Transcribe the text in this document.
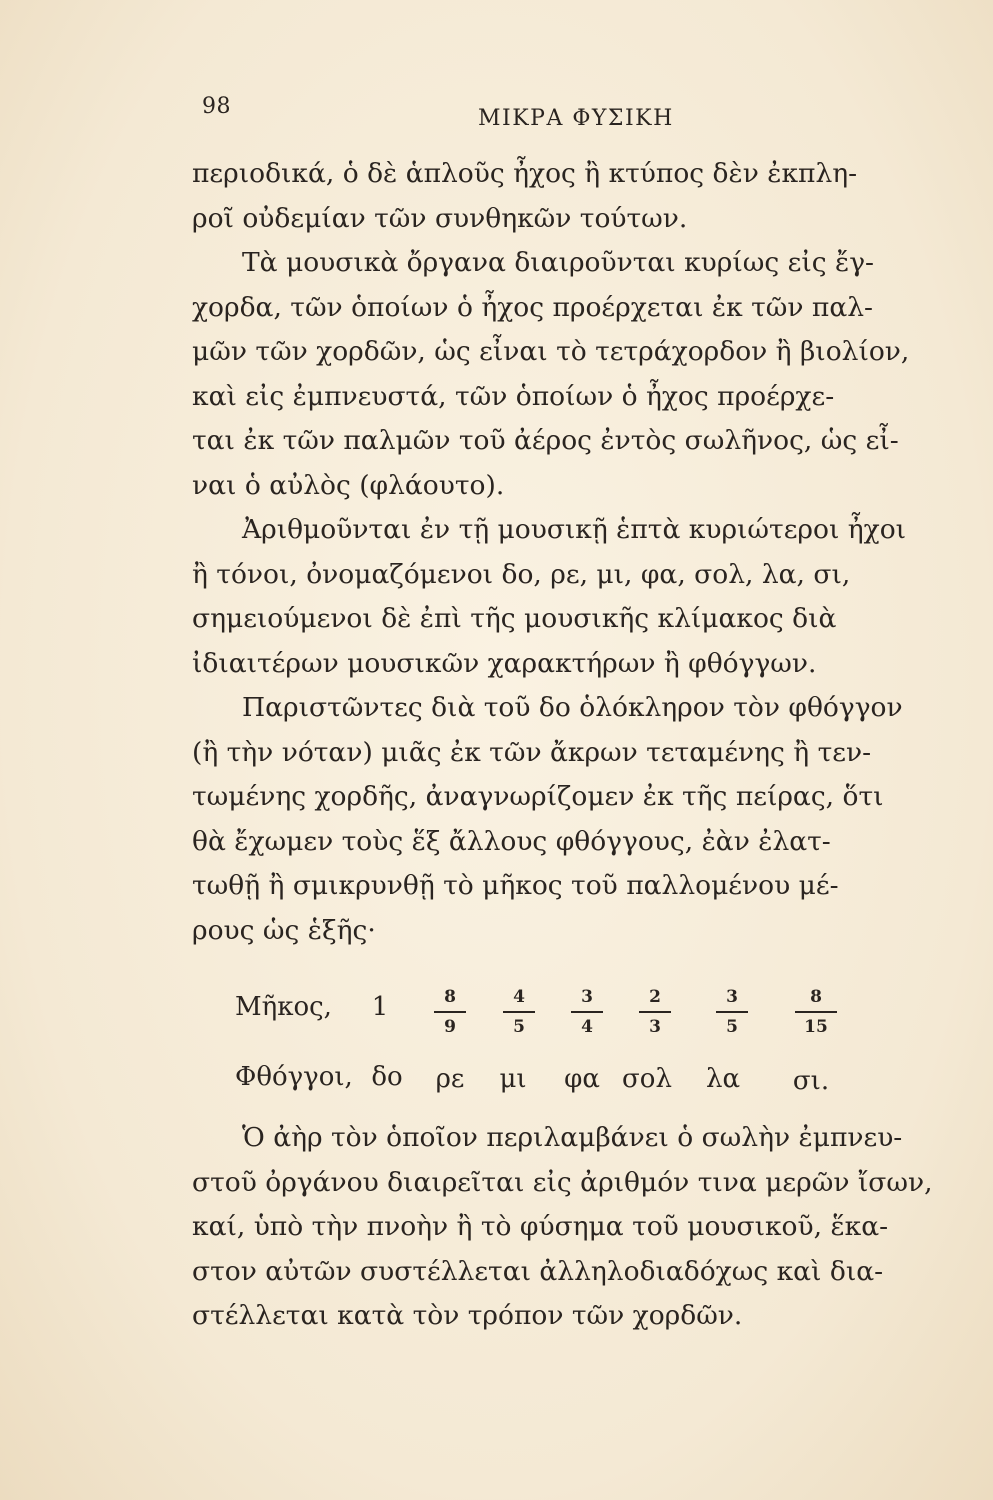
98	ΜΙΚΡΑ ΦΥΣΙΚΗ
περιοδικά, ὁ δὲ ἁπλοῦς ἦχος ἢ κτύπος δὲν ἐκπλη-
ροῖ οὐδεμίαν τῶν συνθηκῶν τούτων.
Τὰ μουσικὰ ὄργανα διαιροῦνται κυρίως εἰς ἔγ-
χορδα, τῶν ὁποίων ὁ ἦχος προέρχεται ἐκ τῶν παλ-
μῶν τῶν χορδῶν, ὡς εἶναι τὸ τετράχορδον ἢ βιολίον,
καὶ εἰς ἐμπνευστά, τῶν ὁποίων ὁ ἦχος προέρχε-
ται ἐκ τῶν παλμῶν τοῦ ἀέρος ἐντὸς σωλῆνος, ὡς εἶ-
ναι ὁ αὐλὸς (φλάουτο).
Ἀριθμοῦνται ἐν τῇ μουσικῇ ἑπτὰ κυριώτεροι ἦχοι
ἢ τόνοι, ὀνομαζόμενοι δο, ρε, μι, φα, σολ, λα, σι,
σημειούμενοι δὲ ἐπὶ τῆς μουσικῆς κλίμακος διὰ
ἰδιαιτέρων μουσικῶν χαρακτήρων ἢ φθόγγων.
Παριστῶντες διὰ τοῦ δο ὁλόκληρον τὸν φθόγγον
(ἢ τὴν νόταν) μιᾶς ἐκ τῶν ἄκρων τεταμένης ἢ τεν-
τωμένης χορδῆς, ἀναγνωρίζομεν ἐκ τῆς πείρας, ὅτι
θὰ ἔχωμεν τοὺς ἕξ ἄλλους φθόγγους, ἐὰν ἐλατ-
τωθῇ ἢ σμικρυνθῇ τὸ μῆκος τοῦ παλλομένου μέ-
ρους ὡς ἑξῆς·
Μῆκος, 1	8
9
4
5
3
4
2
3
3
5
8
15
Φθόγγοι, δο ρε μι φα σολ λα σι.
Ὁ ἀὴρ τὸν ὁποῖον περιλαμβάνει ὁ σωλὴν ἐμπνευ-
στοῦ ὀργάνου διαιρεῖται εἰς ἀριθμόν τινα μερῶν ἴσων,
καί, ὑπὸ τὴν πνοὴν ἢ τὸ φύσημα τοῦ μουσικοῦ, ἕκα-
στον αὐτῶν συστέλλεται ἀλληλοδιαδόχως καὶ δια-
στέλλεται κατὰ τὸν τρόπον τῶν χορδῶν.
